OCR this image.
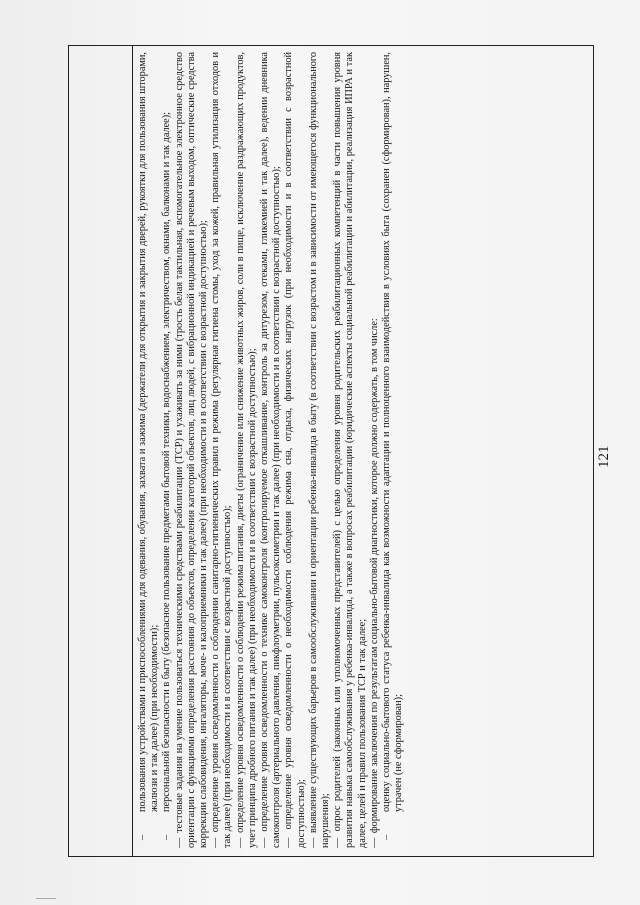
121

–
пользования устройствами и приспособлениями для одевания, обувания, захвата и зажима (держатели для открытия и закрытия дверей, рукоятки для пользования шторами, жалюзи и так далее) (при необходимости);

–
персональной безопасности в быту (безопасное пользование предметами бытовой техники, водоснабжением, электричеством, окнами, балконами и так далее);

— тестовые задания на умение пользоваться техническими средствами реабилитации (ТСР) и ухаживать за ними (трость белая тактильная, вспомогательное электронное средство ориентации с функциями определения расстояния до объектов, определения категорий объектов, лиц людей, с вибрационной индикацией и речевым выходом, оптические средства коррекции слабовидения, ингаляторы, моче- и калоприемники и так далее) (при необходимости и в соответствии с возрастной доступностью); — определение уровня осведомленности о соблюдении санитарно-гигиенических правил и режима (регулярная гигиена стомы, уход за кожей, правильная утилизация отходов и так далее) (при необходимости и в соответствии с возрастной доступностью); — определение уровня осведомленности о соблюдении режима питания, диеты (ограничение или снижение животных жиров, соли в пище, исключение раздражающих продуктов, учет принципа дробного питания и так далее) (при необходимости и в соответствии с возрастной доступностью); — определение уровня осведомленности о технике самоконтроля (контролируемое откашливание, контроль за дитурезом, отеками, гликемией и так далее), ведении дневника самоконтроля (артериального давления, пикфлоуметрии, пульсоксиметрии и так далее) (при необходимости и в соответствии с возрастной доступностью); — определение уровня осведомленности о необходимости соблюдения режима сна, отдыха, физических нагрузок (при необходимости и в соответствии с возрастной доступностью); — выявление существующих барьеров в самообслуживании и ориентации ребенка-инвалида в быту (в соответствии с возрастом и в зависимости от имеющегося функционального нарушения); — опрос родителей (законных или уполномоченных представителей) с целью определения уровня родительских реабилитационных компетенций в части повышения уровня развития навыка самообслуживания у ребенка-инвалида, а также в вопросах реабилитации (юридические аспекты социальной реабилитации и абилитации, реализация ИПРА и так далее, целей и правил пользования ТСР и так далее; — формирование заключения по результатам социально-бытовой диагностики, которое должно содержать, в том числе:

–
оценку социально-бытового статуса ребенка-инвалида как возможности адаптации и полноценного взаимодействия в условиях быта (сохранен (сформирован), нарушен, утрачен (не сформирован);
